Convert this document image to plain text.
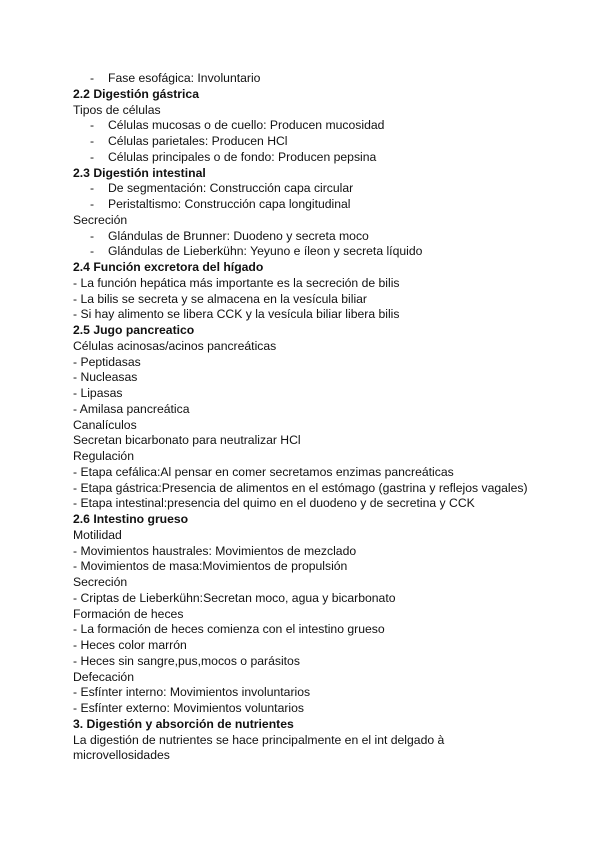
-	Fase esofágica: Involuntario
2.2 Digestión gástrica
Tipos de células
-	Células mucosas o de cuello: Producen mucosidad
-	Células parietales: Producen HCl
-	Células principales o de fondo: Producen pepsina
2.3 Digestión intestinal
-	De segmentación: Construcción capa circular
-	Peristaltismo: Construcción capa longitudinal
Secreción
-	Glándulas de Brunner: Duodeno y secreta moco
-	Glándulas de Lieberkühn: Yeyuno e íleon y secreta líquido
2.4 Función excretora del hígado
- La función hepática más importante es la secreción de bilis
- La bilis se secreta y se almacena en la vesícula biliar
- Si hay alimento se libera CCK y la vesícula biliar libera bilis
2.5 Jugo pancreatico
Células acinosas/acinos pancreáticas
- Peptidasas
- Nucleasas
- Lipasas
- Amilasa pancreática
Canalículos
Secretan bicarbonato para neutralizar HCl
Regulación
- Etapa cefálica:Al pensar en comer secretamos enzimas pancreáticas
- Etapa gástrica:Presencia de alimentos en el estómago (gastrina y reflejos vagales)
- Etapa intestinal:presencia del quimo en el duodeno y de secretina y CCK
2.6 Intestino grueso
Motilidad
- Movimientos haustrales: Movimientos de mezclado
- Movimientos de masa:Movimientos de propulsión
Secreción
- Criptas de Lieberkühn:Secretan moco, agua y bicarbonato
Formación de heces
- La formación de heces comienza con el intestino grueso
- Heces color marrón
- Heces sin sangre,pus,mocos o parásitos
Defecación
- Esfínter interno: Movimientos involuntarios
- Esfínter externo: Movimientos voluntarios
3. Digestión y absorción de nutrientes
La digestión de nutrientes se hace principalmente en el int delgado à
microvellosidades
